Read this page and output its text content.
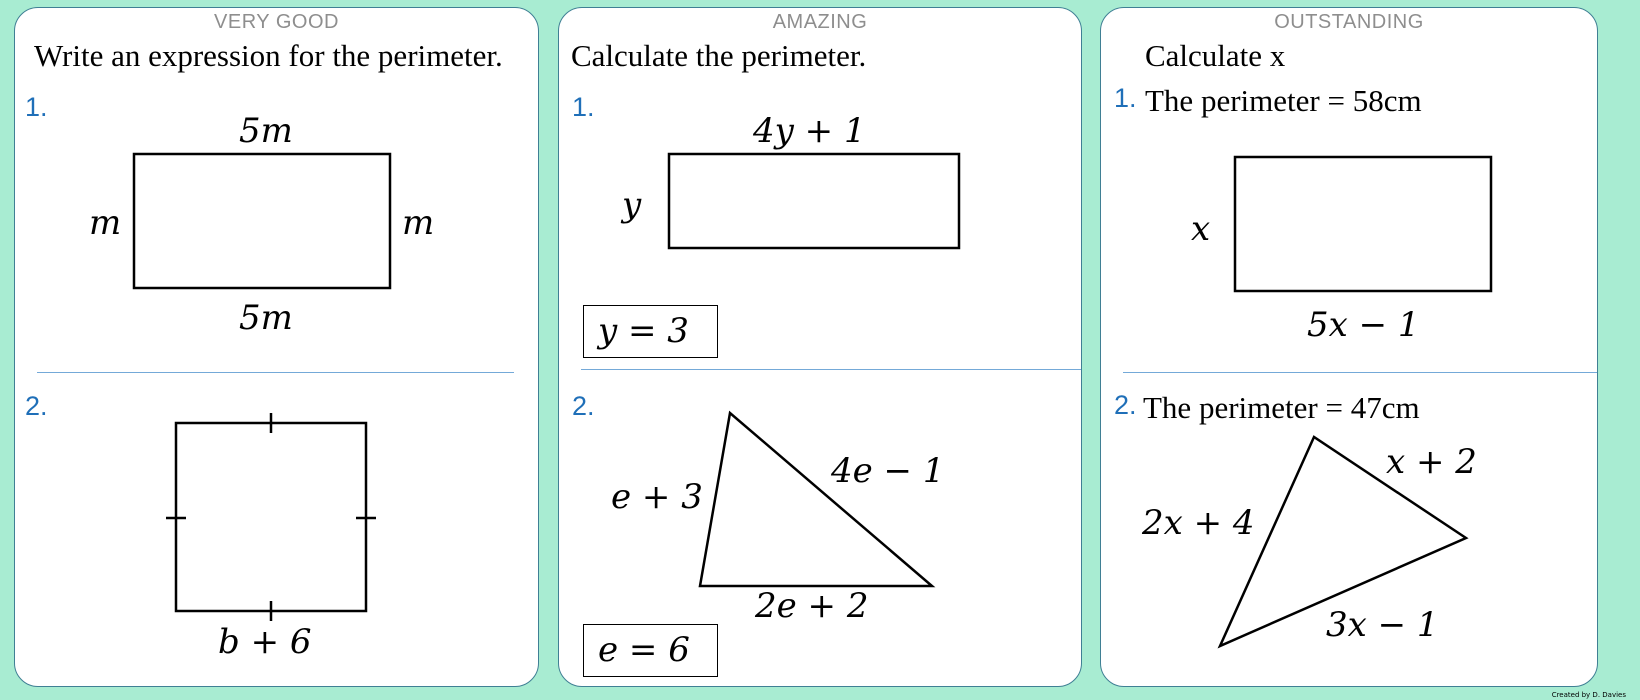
VERY GOOD
Write an expression for the perimeter.
1.
5m
m	m
5m
2.
b + 6
AMAZING
Calculate the perimeter.
1.
4y + 1
y
y = 3
2.
e + 3
4e − 1
2e + 2
e = 6
OUTSTANDING
Calculate x
1. The perimeter = 58cm
x
5x − 1
2. The perimeter = 47cm
2x + 4
x + 2
3x − 1
Created by D. Davies
